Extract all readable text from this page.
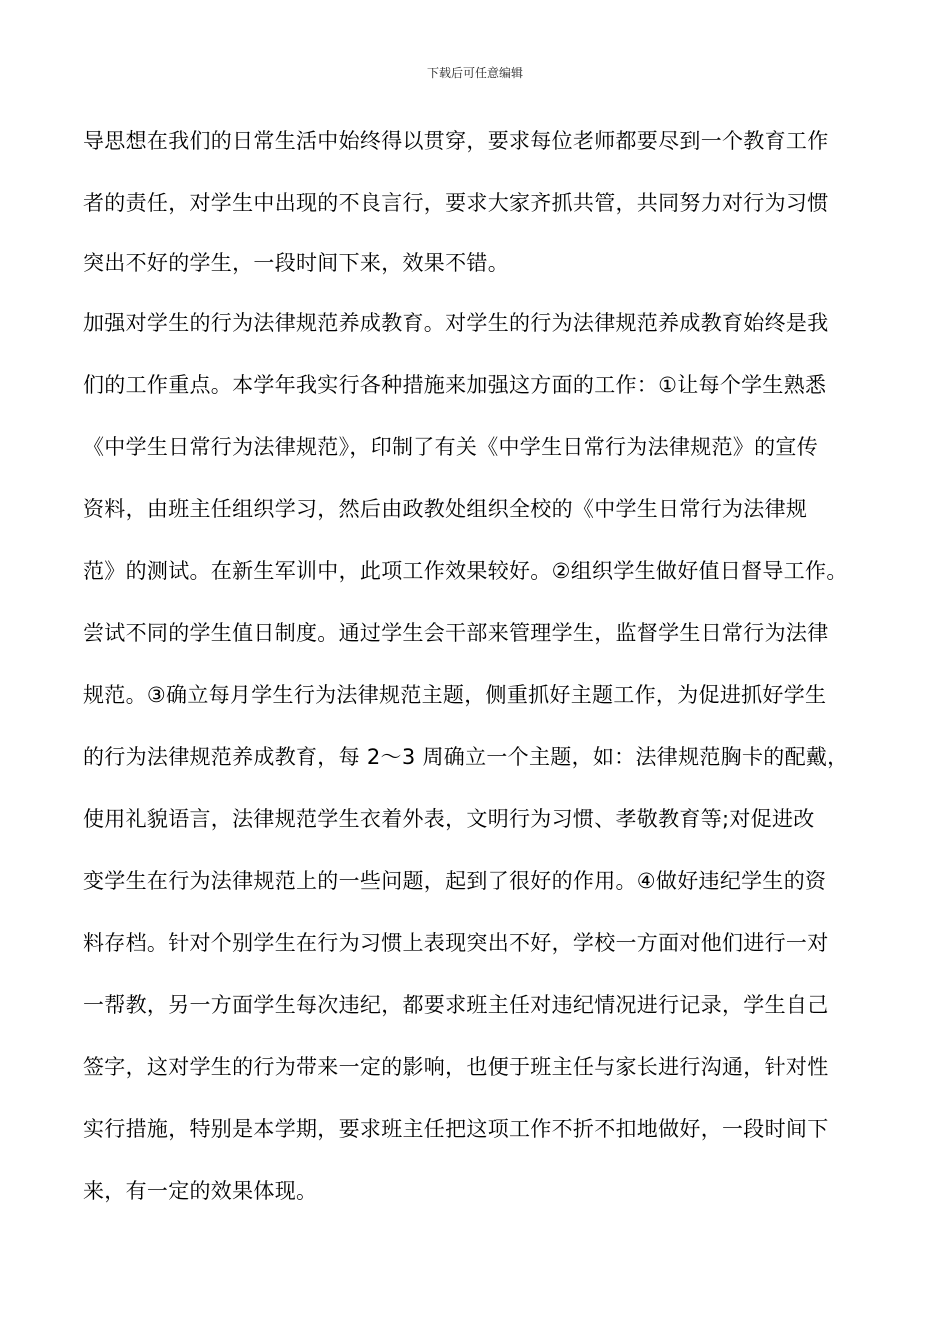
下载后可任意编辑
导思想在我们的日常生活中始终得以贯穿，要求每位老师都要尽到一个教育工作
者的责任，对学生中出现的不良言行，要求大家齐抓共管，共同努力对行为习惯
突出不好的学生，一段时间下来，效果不错。
加强对学生的行为法律规范养成教育。对学生的行为法律规范养成教育始终是我
们的工作重点。本学年我实行各种措施来加强这方面的工作：①让每个学生熟悉
《中学生日常行为法律规范》，印制了有关《中学生日常行为法律规范》的宣传
资料，由班主任组织学习，然后由政教处组织全校的《中学生日常行为法律规
范》的测试。在新生军训中，此项工作效果较好。②组织学生做好值日督导工作。
尝试不同的学生值日制度。通过学生会干部来管理学生，监督学生日常行为法律
规范。③确立每月学生行为法律规范主题，侧重抓好主题工作，为促进抓好学生
的行为法律规范养成教育，每 2～3 周确立一个主题，如：法律规范胸卡的配戴，
使用礼貌语言，法律规范学生衣着外表，文明行为习惯、孝敬教育等;对促进改
变学生在行为法律规范上的一些问题，起到了很好的作用。④做好违纪学生的资
料存档。针对个别学生在行为习惯上表现突出不好，学校一方面对他们进行一对
一帮教，另一方面学生每次违纪，都要求班主任对违纪情况进行记录，学生自己
签字，这对学生的行为带来一定的影响，也便于班主任与家长进行沟通，针对性
实行措施，特别是本学期，要求班主任把这项工作不折不扣地做好，一段时间下
来，有一定的效果体现。
